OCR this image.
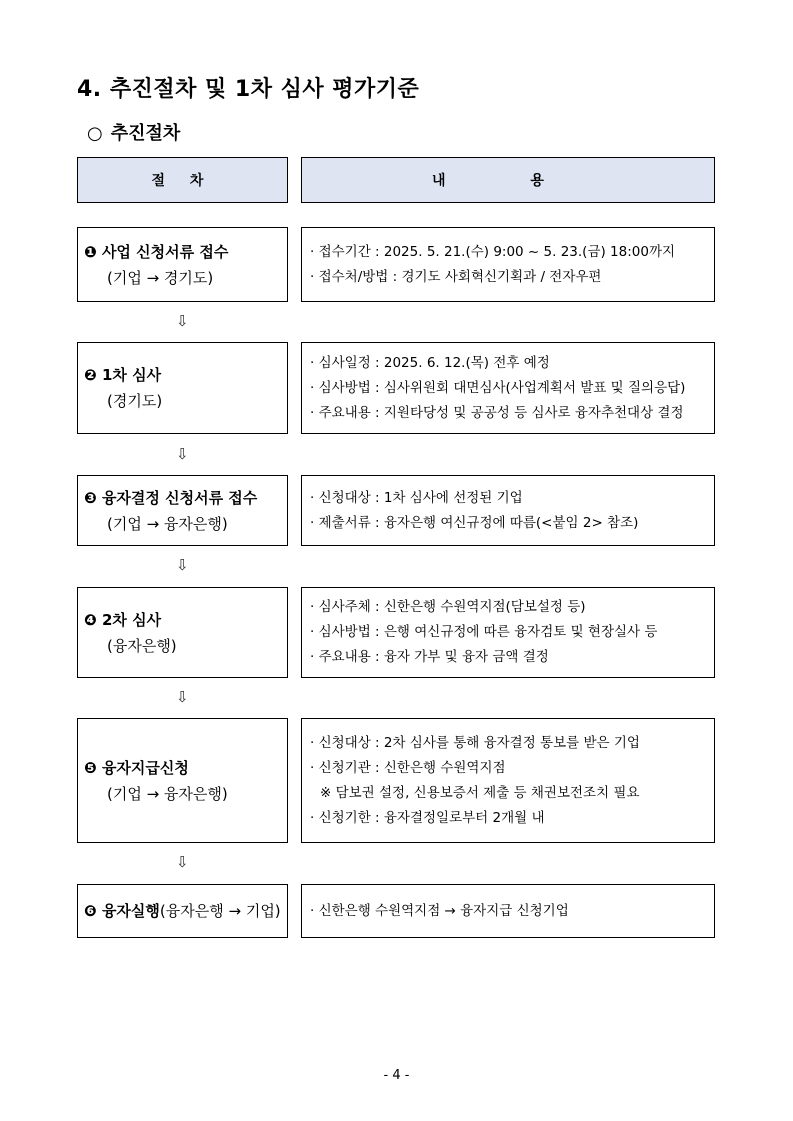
4. 추진절차 및 1차 심사 평가기준
○ 추진절차
절 차	내 용
❶ 사업 신청서류 접수
(기업 → 경기도)
· 접수기간 : 2025. 5. 21.(수) 9:00 ~ 5. 23.(금) 18:00까지
· 접수처/방법 : 경기도 사회혁신기획과 / 전자우편
⇩
❷ 1차 심사
(경기도)
· 심사일정 : 2025. 6. 12.(목) 전후 예정
· 심사방법 : 심사위원회 대면심사(사업계획서 발표 및 질의응답)
· 주요내용 : 지원타당성 및 공공성 등 심사로 융자추천대상 결정
⇩
❸ 융자결정 신청서류 접수
(기업 → 융자은행)
· 신청대상 : 1차 심사에 선정된 기업
· 제출서류 : 융자은행 여신규정에 따름(<붙임 2> 참조)
⇩
❹ 2차 심사
(융자은행)
· 심사주체 : 신한은행 수원역지점(담보설정 등)
· 심사방법 : 은행 여신규정에 따른 융자검토 및 현장실사 등
· 주요내용 : 융자 가부 및 융자 금액 결정
⇩
❺ 융자지급신청
(기업 → 융자은행)
· 신청대상 : 2차 심사를 통해 융자결정 통보를 받은 기업
· 신청기관 : 신한은행 수원역지점
※ 담보권 설정, 신용보증서 제출 등 채권보전조치 필요
· 신청기한 : 융자결정일로부터 2개월 내
⇩
❻ 융자실행(융자은행 → 기업)	· 신한은행 수원역지점 → 융자지급 신청기업
- 4 -
